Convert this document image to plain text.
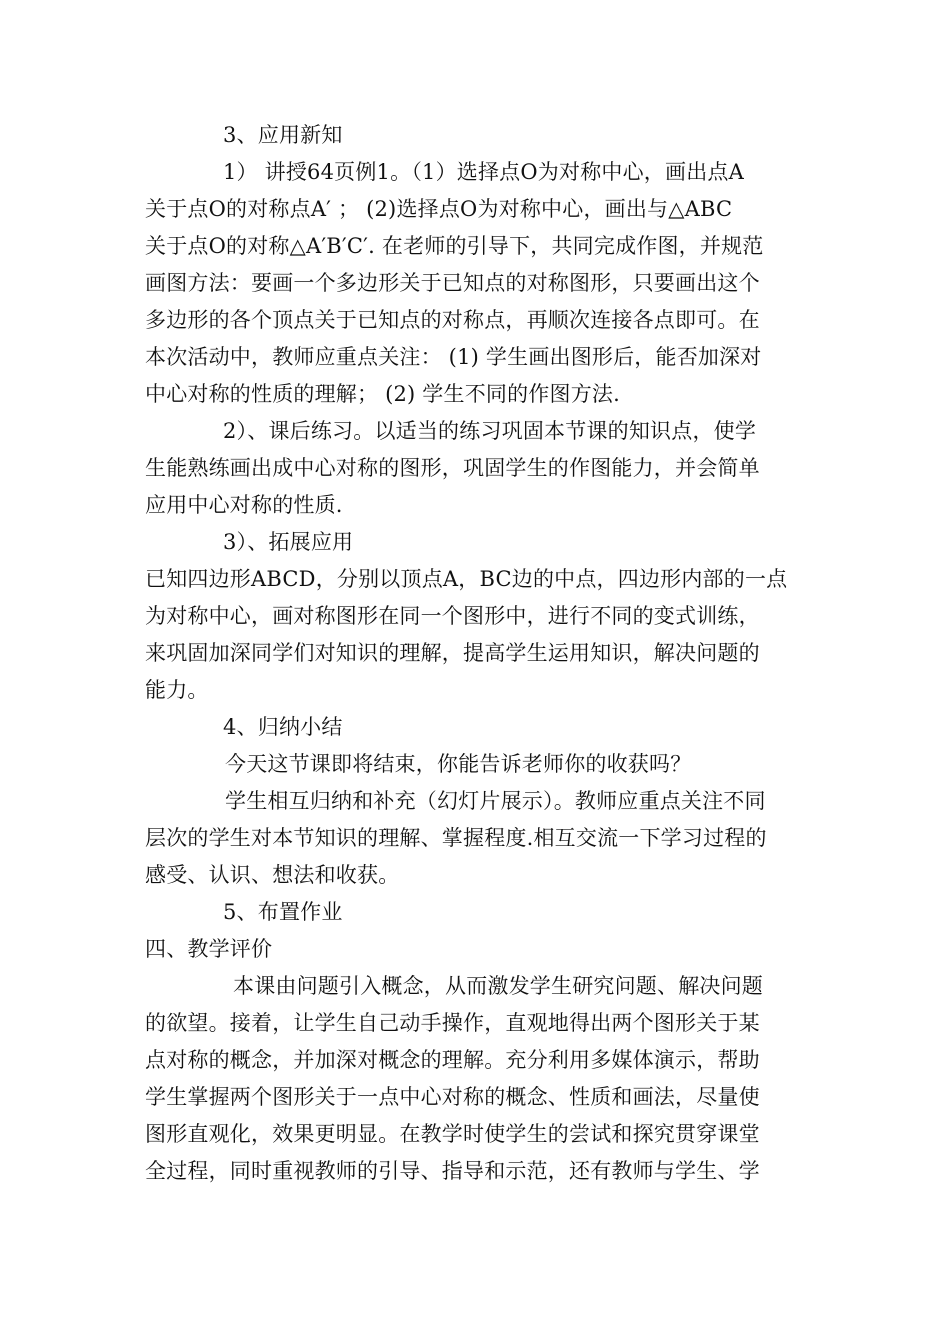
3、应用新知
1） 讲授64页例1。（1）选择点O为对称中心，画出点A
关于点O的对称点A′ ； (2)选择点O为对称中心，画出与△ABC
关于点O的对称△A′B′C′. 在老师的引导下，共同完成作图，并规范
画图方法：要画一个多边形关于已知点的对称图形，只要画出这个
多边形的各个顶点关于已知点的对称点，再顺次连接各点即可。在
本次活动中，教师应重点关注： (1) 学生画出图形后，能否加深对
中心对称的性质的理解； (2) 学生不同的作图方法.
2）、课后练习。以适当的练习巩固本节课的知识点，使学
生能熟练画出成中心对称的图形，巩固学生的作图能力，并会简单
应用中心对称的性质.
3）、拓展应用
已知四边形ABCD，分别以顶点A，BC边的中点，四边形内部的一点
为对称中心，画对称图形在同一个图形中，进行不同的变式训练，
来巩固加深同学们对知识的理解，提高学生运用知识，解决问题的
能力。
4、归纳小结
今天这节课即将结束，你能告诉老师你的收获吗？
学生相互归纳和补充（幻灯片展示）。教师应重点关注不同
层次的学生对本节知识的理解、掌握程度.相互交流一下学习过程的
感受、认识、想法和收获。
5、布置作业
四、教学评价
本课由问题引入概念，从而激发学生研究问题、解决问题
的欲望。接着，让学生自己动手操作，直观地得出两个图形关于某
点对称的概念，并加深对概念的理解。充分利用多媒体演示，帮助
学生掌握两个图形关于一点中心对称的概念、性质和画法，尽量使
图形直观化，效果更明显。在教学时使学生的尝试和探究贯穿课堂
全过程，同时重视教师的引导、指导和示范，还有教师与学生、学
